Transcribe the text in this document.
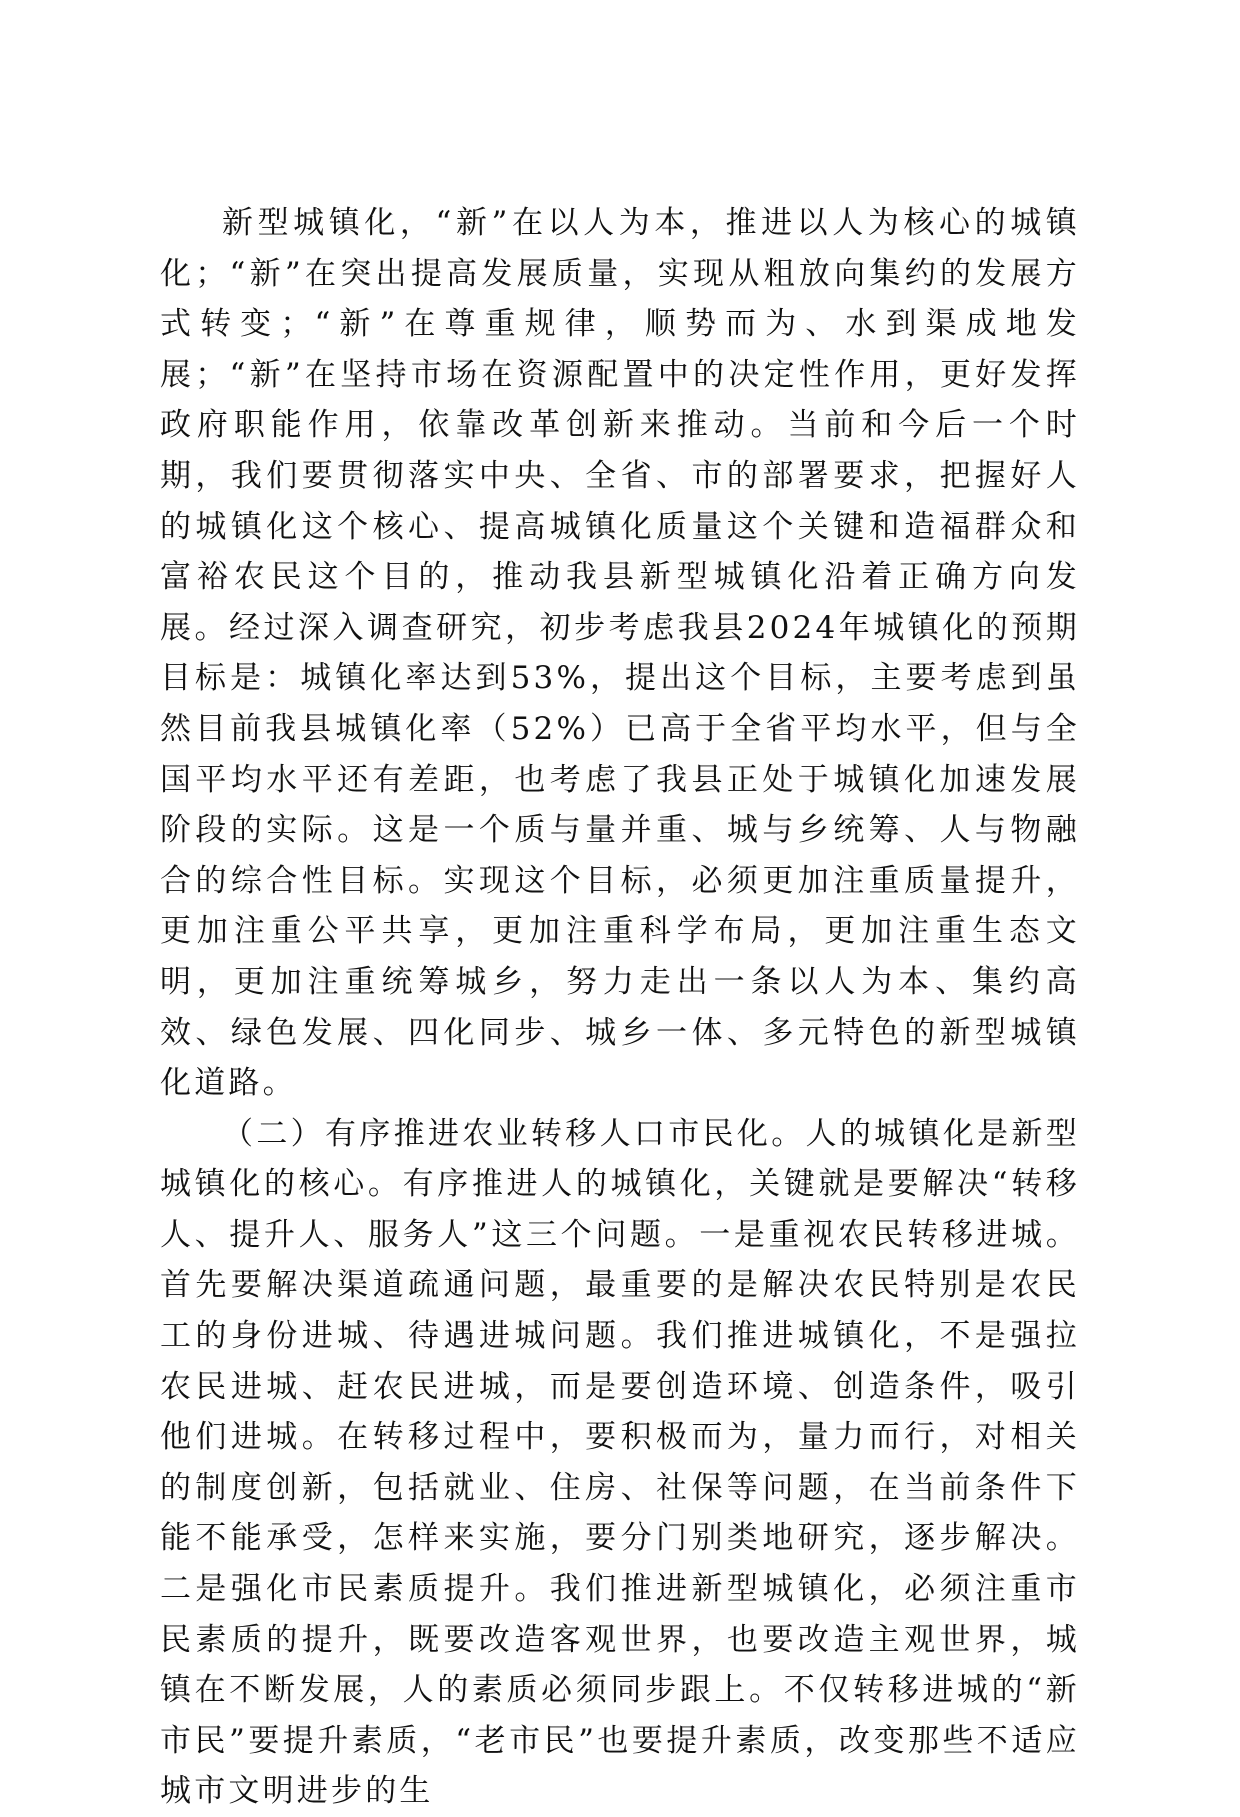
新型城镇化，“新”在以人为本，推进以人为核心的城镇化；“新”在突出提高发展质量，实现从粗放向集约的发展方式转变；“新”在尊重规律，顺势而为、水到渠成地发展；“新”在坚持市场在资源配置中的决定性作用，更好发挥政府职能作用，依靠改革创新来推动。当前和今后一个时期，我们要贯彻落实中央、全省、市的部署要求，把握好人的城镇化这个核心、提高城镇化质量这个关键和造福群众和富裕农民这个目的，推动我县新型城镇化沿着正确方向发展。经过深入调查研究，初步考虑我县2024年城镇化的预期目标是：城镇化率达到53%，提出这个目标，主要考虑到虽然目前我县城镇化率（52%）已高于全省平均水平，但与全国平均水平还有差距，也考虑了我县正处于城镇化加速发展阶段的实际。这是一个质与量并重、城与乡统筹、人与物融合的综合性目标。实现这个目标，必须更加注重质量提升，更加注重公平共享，更加注重科学布局，更加注重生态文明，更加注重统筹城乡，努力走出一条以人为本、集约高效、绿色发展、四化同步、城乡一体、多元特色的新型城镇化道路。

（二）有序推进农业转移人口市民化。人的城镇化是新型城镇化的核心。有序推进人的城镇化，关键就是要解决“转移人、提升人、服务人”这三个问题。一是重视农民转移进城。首先要解决渠道疏通问题，最重要的是解决农民特别是农民工的身份进城、待遇进城问题。我们推进城镇化，不是强拉农民进城、赶农民进城，而是要创造环境、创造条件，吸引他们进城。在转移过程中，要积极而为，量力而行，对相关的制度创新，包括就业、住房、社保等问题，在当前条件下能不能承受，怎样来实施，要分门别类地研究，逐步解决。二是强化市民素质提升。我们推进新型城镇化，必须注重市民素质的提升，既要改造客观世界，也要改造主观世界，城镇在不断发展，人的素质必须同步跟上。不仅转移进城的“新市民”要提升素质，“老市民”也要提升素质，改变那些不适应城市文明进步的生
